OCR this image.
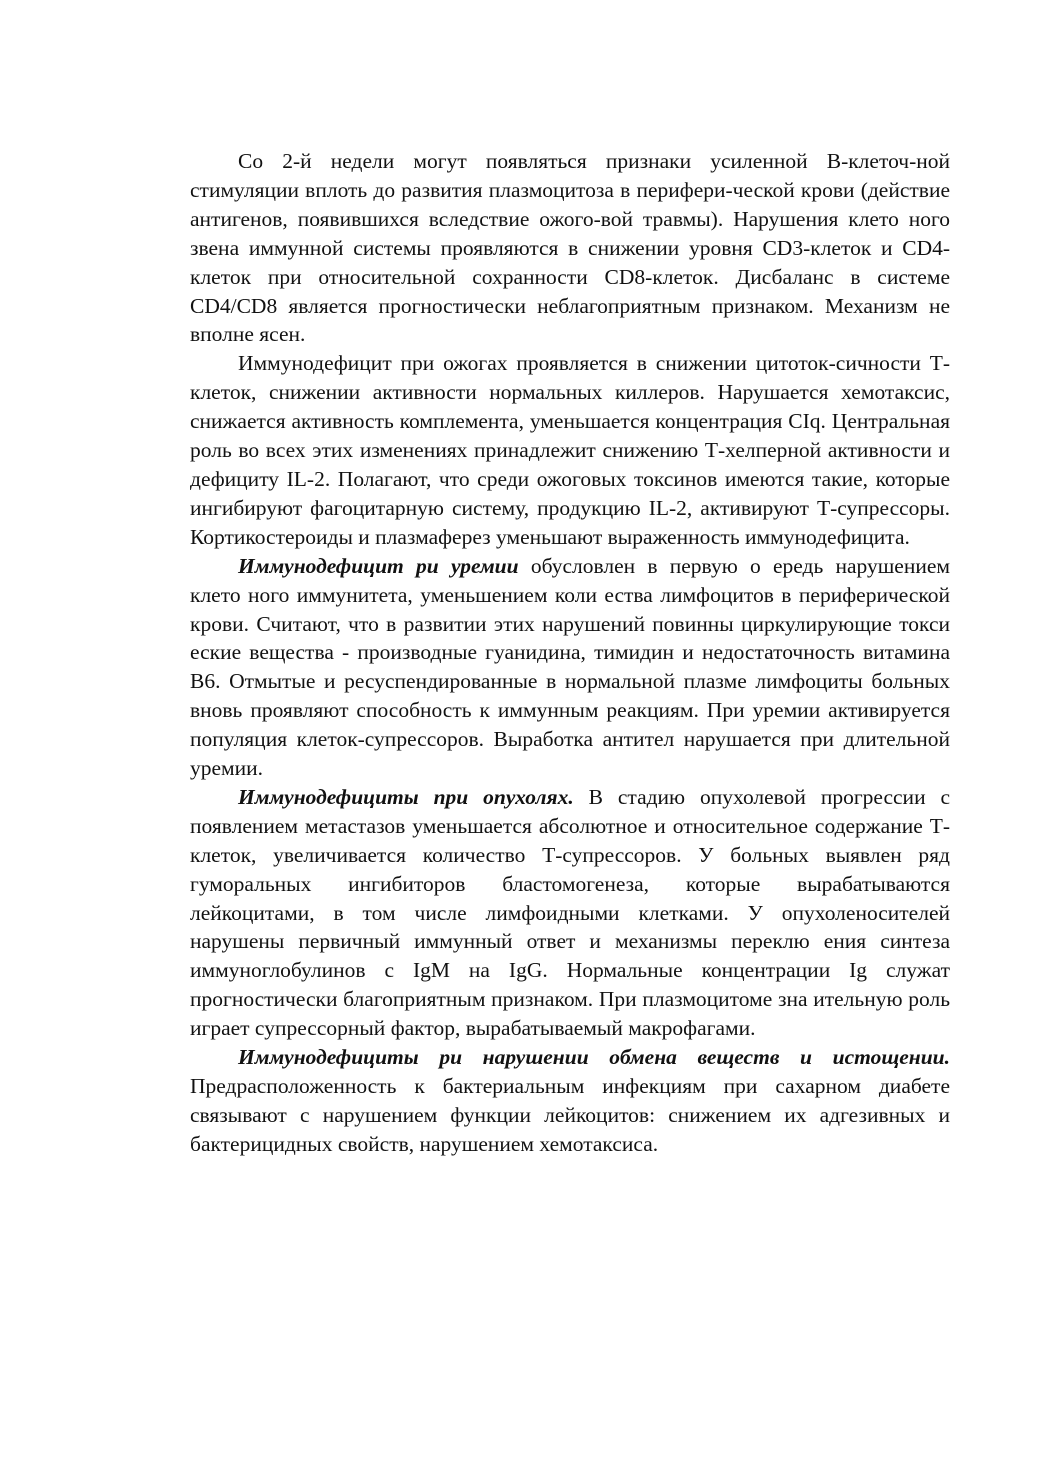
Со 2-й недели могут появляться признаки усиленной В-клеточ-ной стимуляции вплоть до развития плазмоцитоза в перифери-ческой крови (действие антигенов, появившихся вследствие ожого-вой травмы). Нарушения клето ного звена иммунной системы проявляются в снижении уровня CD3-клеток и CD4-клеток при относительной сохранности CD8-клеток. Дисбаланс в системе CD4/CD8 является прогностически неблагоприятным признаком. Механизм не вполне ясен.

Иммунодефицит при ожогах проявляется в снижении цитоток-сичности Т-клеток, снижении активности нормальных киллеров. Нарушается хемотаксис, снижается активность комплемента, уменьшается концентрация CIq. Центральная роль во всех этих изменениях принадлежит снижению Т-хелперной активности и дефициту IL-2. Полагают, что среди ожоговых токсинов имеются такие, которые ингибируют фагоцитарную систему, продукцию IL-2, активируют Т-супрессоры. Кортикостероиды и плазмаферез уменьшают выраженность иммунодефицита.

Иммунодефицит ри уремии обусловлен в первую о ередь нарушением клето ного иммунитета, уменьшением коли ества лимфоцитов в периферической крови. Считают, что в развитии этих нарушений повинны циркулирующие токси еские вещества - производные гуанидина, тимидин и недостаточность витамина В6. Отмытые и ресуспендированные в нормальной плазме лимфоциты больных вновь проявляют способность к иммунным реакциям. При уремии активируется популяция клеток-супрессоров. Выработка антител нарушается при длительной уремии.

Иммунодефициты при опухолях. В стадию опухолевой прогрессии с появлением метастазов уменьшается абсолютное и относительное содержание Т-клеток, увеличивается количество Т-супрессоров. У больных выявлен ряд гуморальных ингибиторов бластомогенеза, которые вырабатываются лейкоцитами, в том числе лимфоидными клетками. У опухоленосителей нарушены первичный иммунный ответ и механизмы переклю ения синтеза иммуноглобулинов с IgM на IgG. Нормальные концентрации Ig служат прогностически благоприятным признаком. При плазмоцитоме зна ительную роль играет супрессорный фактор, вырабатываемый макрофагами.

Иммунодефициты ри нарушении обмена веществ и истощении. Предрасположенность к бактериальным инфекциям при сахарном диабете связывают с нарушением функции лейкоцитов: снижением их адгезивных и бактерицидных свойств, нарушением хемотаксиса.
